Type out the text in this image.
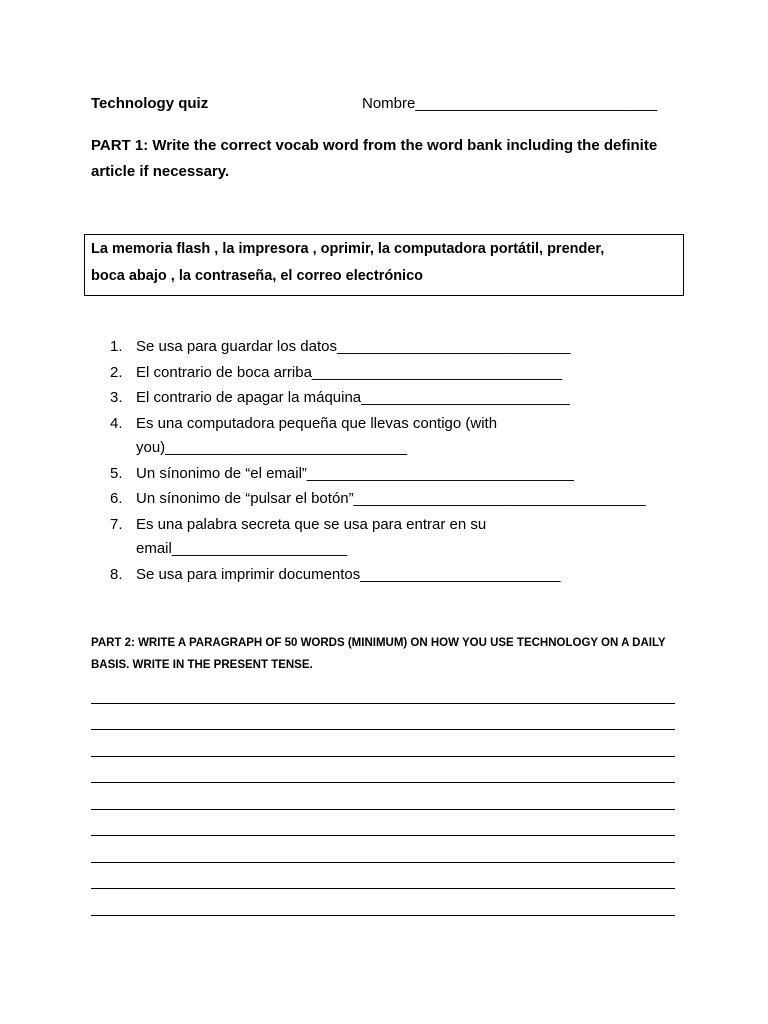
Technology quiz	Nombre_____________________________
PART 1: Write the correct vocab word from the word bank including the definite article if necessary.
La memoria flash , la impresora , oprimir, la computadora portátil, prender,
boca abajo , la contraseña, el correo electrónico
1. Se usa para guardar los datos____________________________
2. El contrario de boca arriba______________________________
3. El contrario de apagar la máquina_________________________
4. Es una computadora pequeña que llevas contigo (with you)_____________________________
5. Un sínonimo de “el email”________________________________
6. Un sínonimo de “pulsar el botón”___________________________________
7. Es una palabra secreta que se usa para entrar en su email_____________________
8. Se usa para imprimir documentos________________________
PART 2: WRITE A PARAGRAPH OF 50 WORDS (MINIMUM) ON HOW YOU USE TECHNOLOGY ON A DAILY BASIS. WRITE IN THE PRESENT TENSE.
